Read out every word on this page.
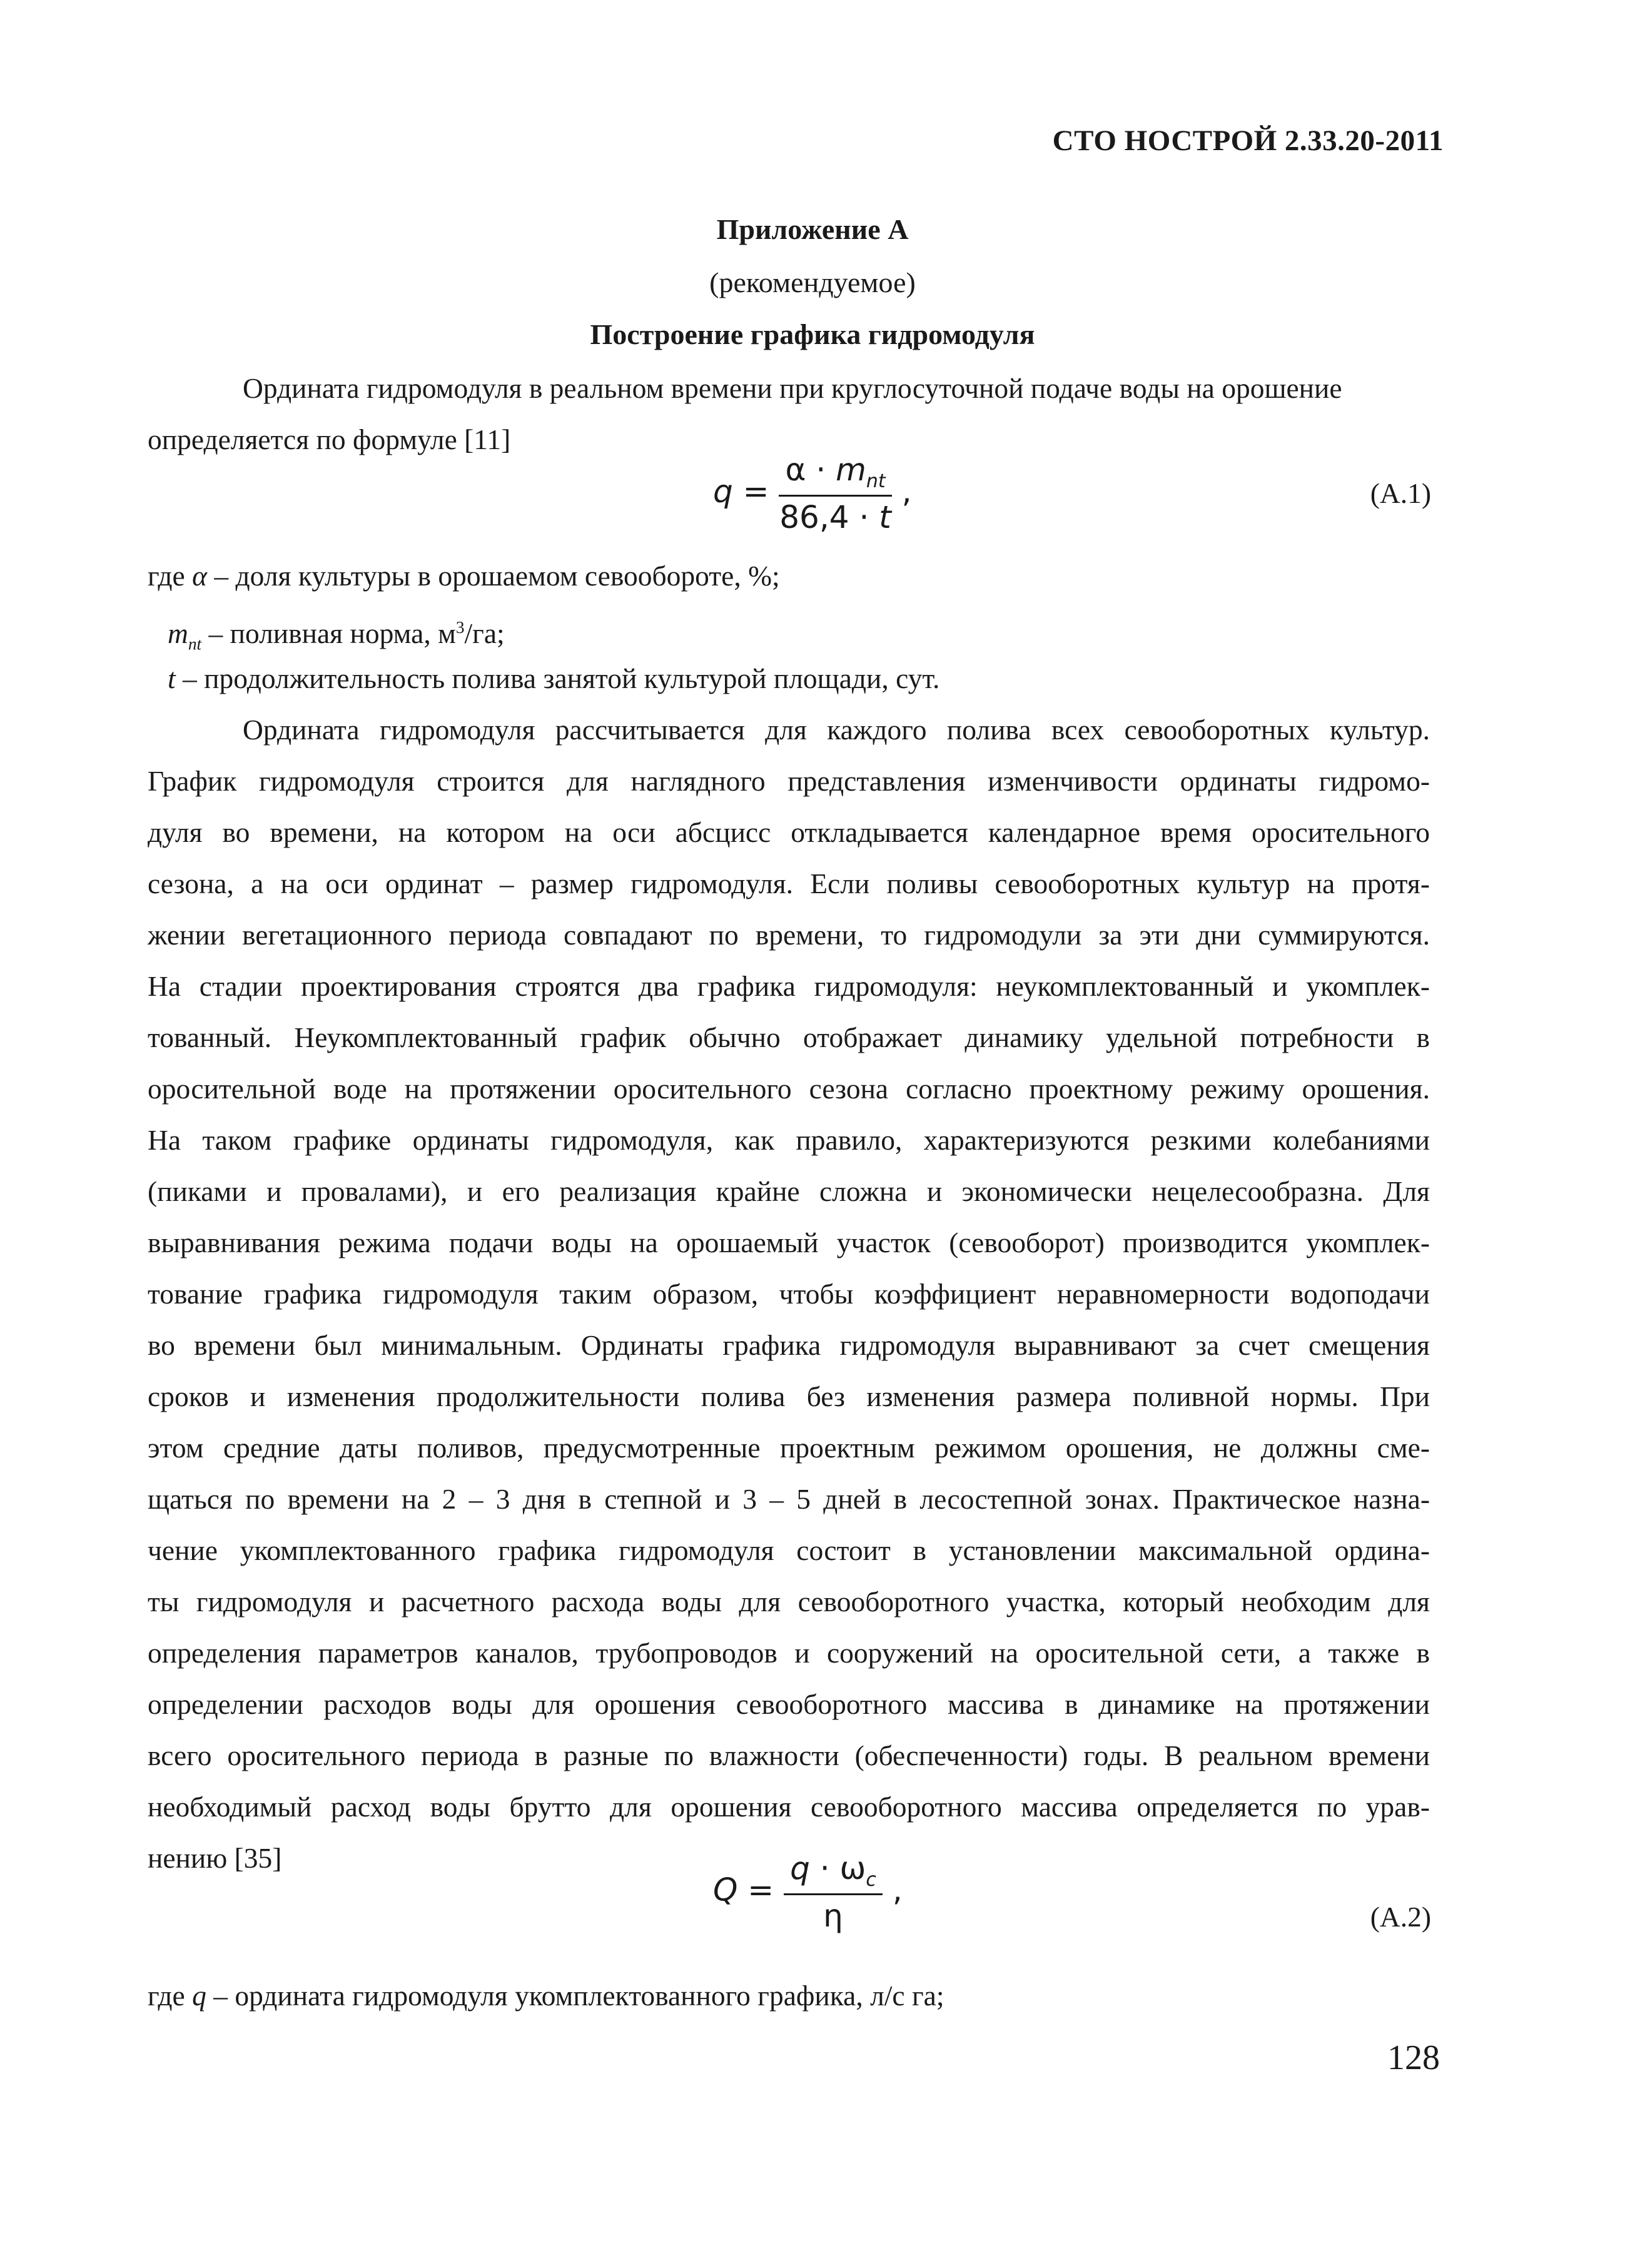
СТО НОСТРОЙ 2.33.20-2011
Приложение А
(рекомендуемое)
Построение графика гидромодуля
Ордината гидромодуля в реальном времени при круглосуточной подаче воды на орошение
определяется по формуле [11]
$q = \frac{\alpha \cdot m_{nt}}{86,4 \cdot t}$ ,	(А.1)
где α – доля культуры в орошаемом севообороте, %;
$m_{nt}$ – поливная норма, $м^3/га$;
t – продолжительность полива занятой культурой площади, сут.
Ордината гидромодуля рассчитывается для каждого полива всех севооборотных культур.
График гидромодуля строится для наглядного представления изменчивости ординаты гидромо-
дуля во времени, на котором на оси абсцисс откладывается календарное время оросительного
сезона, а на оси ординат – размер гидромодуля. Если поливы севооборотных культур на протя-
жении вегетационного периода совпадают по времени, то гидромодули за эти дни суммируются.
На стадии проектирования строятся два графика гидромодуля: неукомплектованный и укомплек-
тованный. Неукомплектованный график обычно отображает динамику удельной потребности в
оросительной воде на протяжении оросительного сезона согласно проектному режиму орошения.
На таком графике ординаты гидромодуля, как правило, характеризуются резкими колебаниями
(пиками и провалами), и его реализация крайне сложна и экономически нецелесообразна. Для
выравнивания режима подачи воды на орошаемый участок (севооборот) производится укомплек-
тование графика гидромодуля таким образом, чтобы коэффициент неравномерности водоподачи
во времени был минимальным. Ординаты графика гидромодуля выравнивают за счет смещения
сроков и изменения продолжительности полива без изменения размера поливной нормы. При
этом средние даты поливов, предусмотренные проектным режимом орошения, не должны сме-
щаться по времени на 2 – 3 дня в степной и 3 – 5 дней в лесостепной зонах. Практическое назна-
чение укомплектованного графика гидромодуля состоит в установлении максимальной ордина-
ты гидромодуля и расчетного расхода воды для севооборотного участка, который необходим для
определения параметров каналов, трубопроводов и сооружений на оросительной сети, а также в
определении расходов воды для орошения севооборотного массива в динамике на протяжении
всего оросительного периода в разные по влажности (обеспеченности) годы. В реальном времени
необходимый расход воды брутто для орошения севооборотного массива определяется по урав-
нению [35]
$Q = \frac{q \cdot \omega_c}{\eta}$ ,
(А.2)
где q – ордината гидромодуля укомплектованного графика, л/с га;
128
